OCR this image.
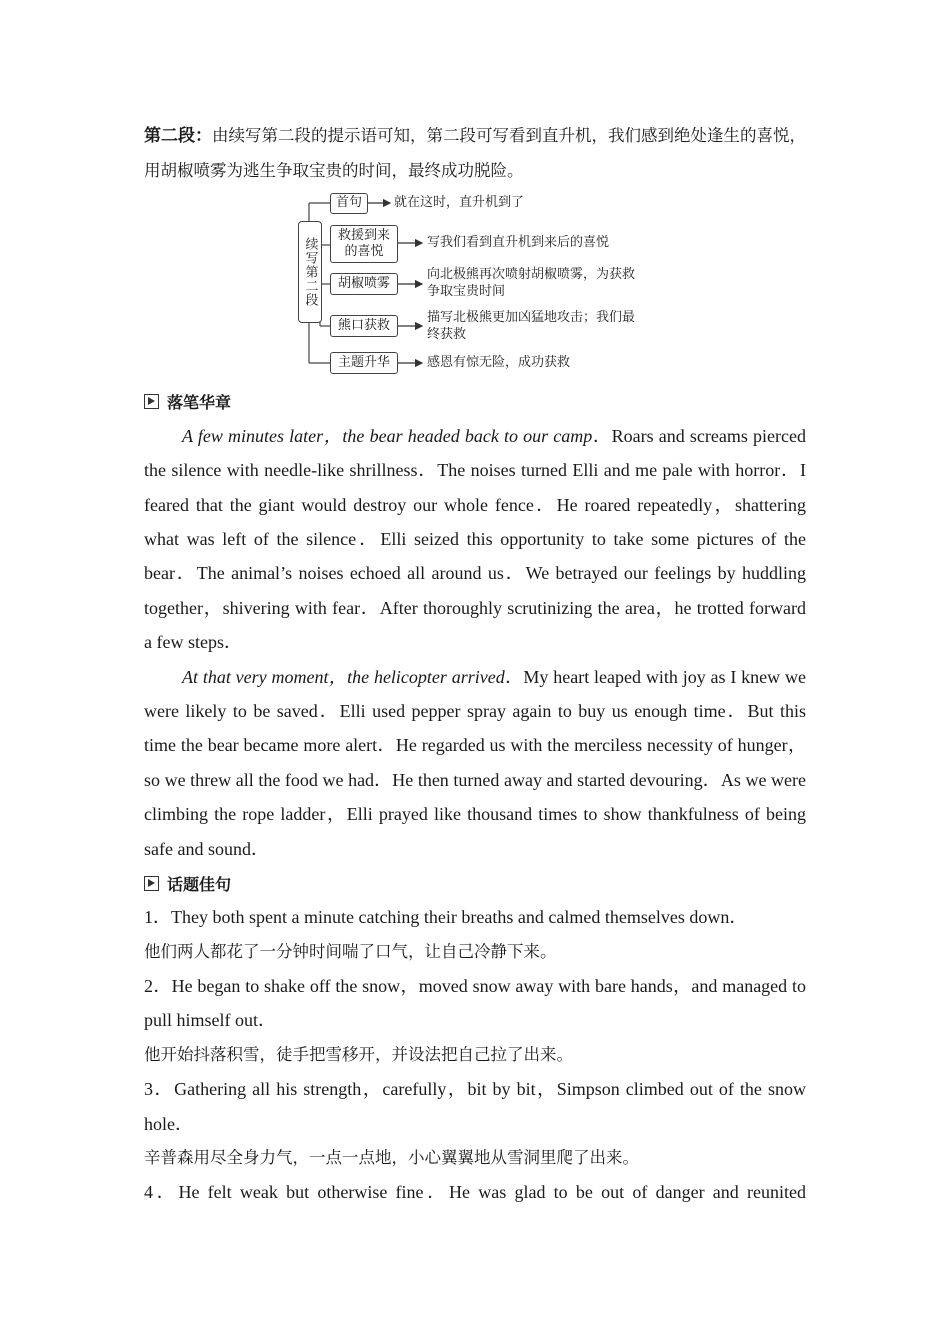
第二段：由续写第二段的提示语可知，第二段可写看到直升机，我们感到绝处逢生的喜悦，用胡椒喷雾为逃生争取宝贵的时间，最终成功脱险。

续写第二段
首句	就在这时，直升机到了
救援到来的喜悦
写我们看到直升机到来后的喜悦
胡椒喷雾
向北极熊再次喷射胡椒喷雾，为获救争取宝贵时间
熊口获救
描写北极熊更加凶猛地攻击；我们最终获救
主题升华	感恩有惊无险，成功获救
落笔华章

A few minutes later，the bear headed back to our camp．Roars and screams pierced the silence with needle-like shrillness．The noises turned Elli and me pale with horror．I feared that the giant would destroy our whole fence．He roared repeatedly，shattering what was left of the silence．Elli seized this opportunity to take some pictures of the bear．The animal’s noises echoed all around us．We betrayed our feelings by huddling together，shivering with fear．After thoroughly scrutinizing the area，he trotted forward a few steps．

At that very moment，the helicopter arrived．My heart leaped with joy as I knew we were likely to be saved．Elli used pepper spray again to buy us enough time．But this time the bear became more alert．He regarded us with the merciless necessity of hunger，so we threw all the food we had．He then turned away and started devouring．As we were climbing the rope ladder，Elli prayed like thousand times to show thankfulness of being safe and sound．

话题佳句

1．They both spent a minute catching their breaths and calmed themselves down．

他们两人都花了一分钟时间喘了口气，让自己冷静下来。

2．He began to shake off the snow，moved snow away with bare hands，and managed to pull himself out．

他开始抖落积雪，徒手把雪移开，并设法把自己拉了出来。

3．Gathering all his strength，carefully，bit by bit，Simpson climbed out of the snow hole．

辛普森用尽全身力气，一点一点地，小心翼翼地从雪洞里爬了出来。

4．He felt weak but otherwise fine．He was glad to be out of danger and reunited
